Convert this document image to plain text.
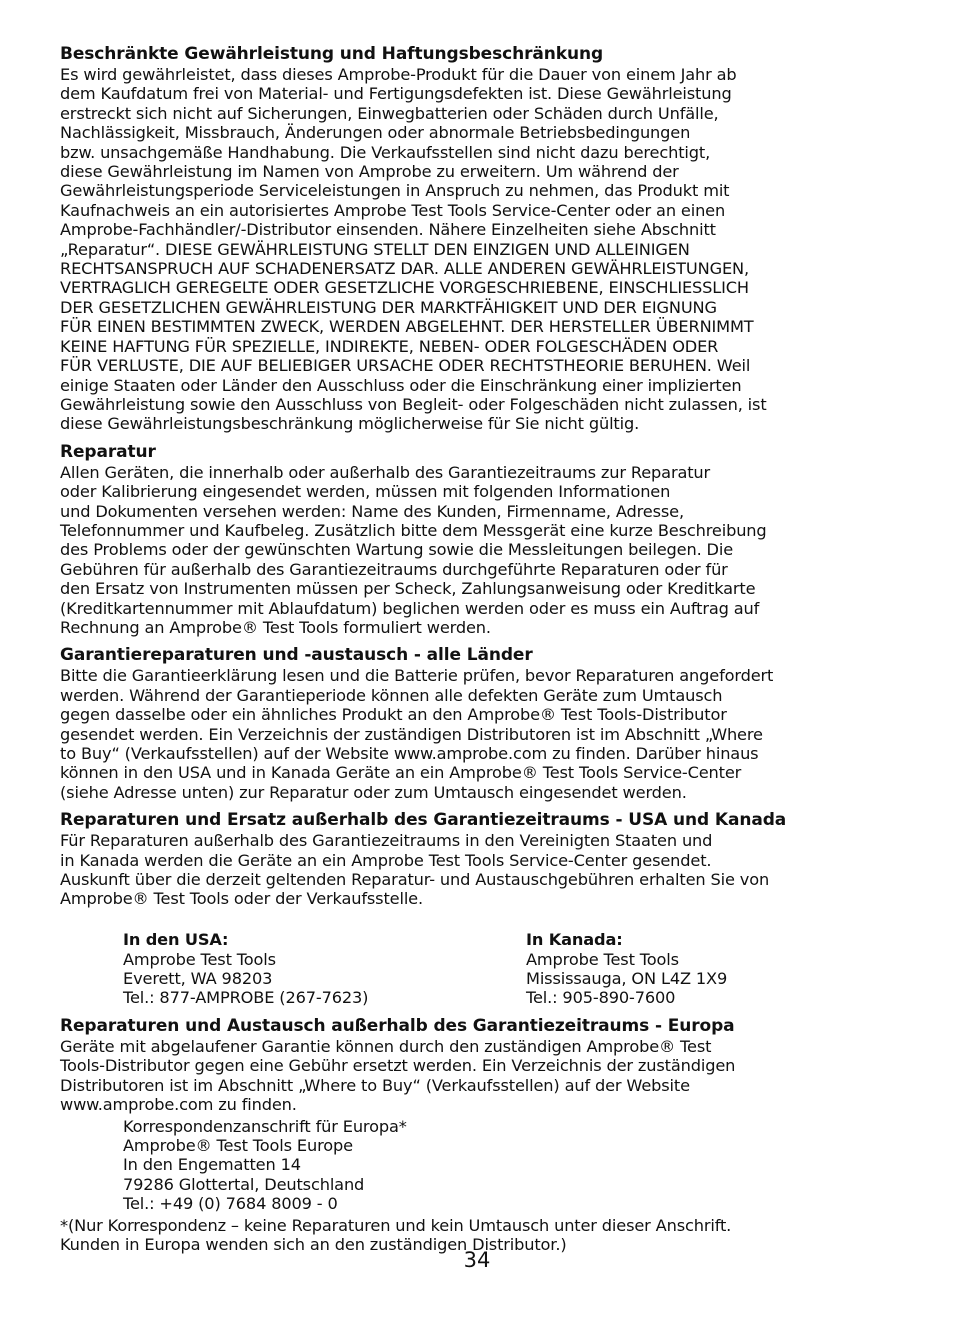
Beschränkte Gewährleistung und Haftungsbeschränkung

Es wird gewährleistet, dass dieses Amprobe-Produkt für die Dauer von einem Jahr ab
dem Kaufdatum frei von Material- und Fertigungsdefekten ist. Diese Gewährleistung
erstreckt sich nicht auf Sicherungen, Einwegbatterien oder Schäden durch Unfälle,
Nachlässigkeit, Missbrauch, Änderungen oder abnormale Betriebsbedingungen
bzw. unsachgemäße Handhabung. Die Verkaufsstellen sind nicht dazu berechtigt,
diese Gewährleistung im Namen von Amprobe zu erweitern. Um während der
Gewährleistungsperiode Serviceleistungen in Anspruch zu nehmen, das Produkt mit
Kaufnachweis an ein autorisiertes Amprobe Test Tools Service-Center oder an einen
Amprobe-Fachhändler/-Distributor einsenden. Nähere Einzelheiten siehe Abschnitt
„Reparatur“. DIESE GEWÄHRLEISTUNG STELLT DEN EINZIGEN UND ALLEINIGEN
RECHTSANSPRUCH AUF SCHADENERSATZ DAR. ALLE ANDEREN GEWÄHRLEISTUNGEN,
VERTRAGLICH GEREGELTE ODER GESETZLICHE VORGESCHRIEBENE, EINSCHLIESSLICH
DER GESETZLICHEN GEWÄHRLEISTUNG DER MARKTFÄHIGKEIT UND DER EIGNUNG
FÜR EINEN BESTIMMTEN ZWECK, WERDEN ABGELEHNT. DER HERSTELLER ÜBERNIMMT
KEINE HAFTUNG FÜR SPEZIELLE, INDIREKTE, NEBEN- ODER FOLGESCHÄDEN ODER
FÜR VERLUSTE, DIE AUF BELIEBIGER URSACHE ODER RECHTSTHEORIE BERUHEN. Weil
einige Staaten oder Länder den Ausschluss oder die Einschränkung einer implizierten
Gewährleistung sowie den Ausschluss von Begleit- oder Folgeschäden nicht zulassen, ist
diese Gewährleistungsbeschränkung möglicherweise für Sie nicht gültig.

Reparatur

Allen Geräten, die innerhalb oder außerhalb des Garantiezeitraums zur Reparatur
oder Kalibrierung eingesendet werden, müssen mit folgenden Informationen
und Dokumenten versehen werden: Name des Kunden, Firmenname, Adresse,
Telefonnummer und Kaufbeleg. Zusätzlich bitte dem Messgerät eine kurze Beschreibung
des Problems oder der gewünschten Wartung sowie die Messleitungen beilegen. Die
Gebühren für außerhalb des Garantiezeitraums durchgeführte Reparaturen oder für
den Ersatz von Instrumenten müssen per Scheck, Zahlungsanweisung oder Kreditkarte
(Kreditkartennummer mit Ablaufdatum) beglichen werden oder es muss ein Auftrag auf
Rechnung an Amprobe® Test Tools formuliert werden.

Garantiereparaturen und -austausch - alle Länder

Bitte die Garantieerklärung lesen und die Batterie prüfen, bevor Reparaturen angefordert
werden. Während der Garantieperiode können alle defekten Geräte zum Umtausch
gegen dasselbe oder ein ähnliches Produkt an den Amprobe® Test Tools-Distributor
gesendet werden. Ein Verzeichnis der zuständigen Distributoren ist im Abschnitt „Where
to Buy“ (Verkaufsstellen) auf der Website www.amprobe.com zu finden. Darüber hinaus
können in den USA und in Kanada Geräte an ein Amprobe® Test Tools Service-Center
(siehe Adresse unten) zur Reparatur oder zum Umtausch eingesendet werden.

Reparaturen und Ersatz außerhalb des Garantiezeitraums - USA und Kanada

Für Reparaturen außerhalb des Garantiezeitraums in den Vereinigten Staaten und
in Kanada werden die Geräte an ein Amprobe Test Tools Service-Center gesendet.
Auskunft über die derzeit geltenden Reparatur- und Austauschgebühren erhalten Sie von
Amprobe® Test Tools oder der Verkaufsstelle.

In den USA:
Amprobe Test Tools
Everett, WA 98203
Tel.: 877-AMPROBE (267-7623)

In Kanada:
Amprobe Test Tools
Mississauga, ON L4Z 1X9
Tel.: 905-890-7600

Reparaturen und Austausch außerhalb des Garantiezeitraums - Europa

Geräte mit abgelaufener Garantie können durch den zuständigen Amprobe® Test
Tools-Distributor gegen eine Gebühr ersetzt werden. Ein Verzeichnis der zuständigen
Distributoren ist im Abschnitt „Where to Buy“ (Verkaufsstellen) auf der Website
www.amprobe.com zu finden.

Korrespondenzanschrift für Europa*
Amprobe® Test Tools Europe
In den Engematten 14
79286 Glottertal, Deutschland
Tel.: +49 (0) 7684 8009 - 0

*(Nur Korrespondenz – keine Reparaturen und kein Umtausch unter dieser Anschrift.
Kunden in Europa wenden sich an den zuständigen Distributor.)

34
